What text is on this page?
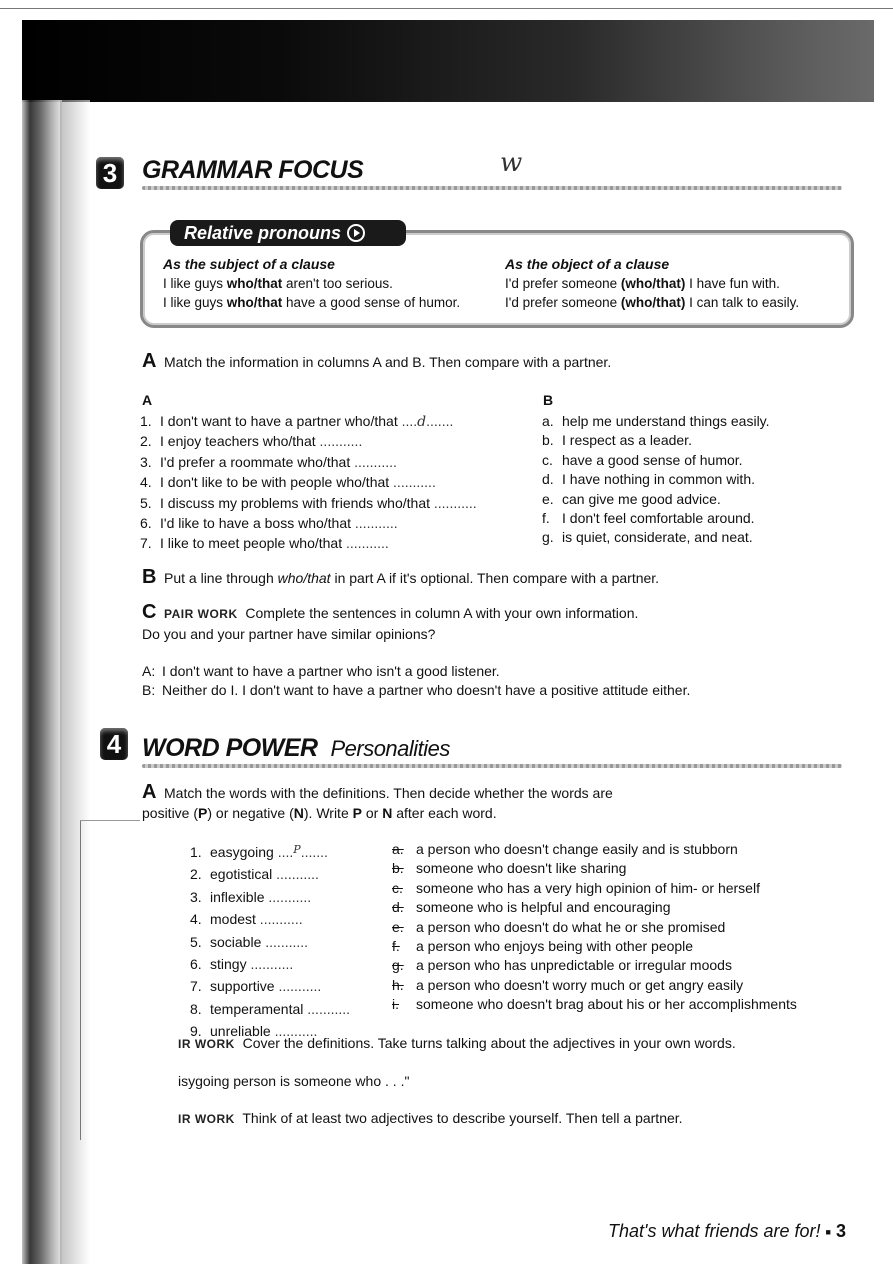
3 GRAMMAR FOCUS	w
Relative pronouns
As the subject of a clause
I like guys who/that aren't too serious.
I like guys who/that have a good sense of humor.
As the object of a clause
I'd prefer someone (who/that) I have fun with.
I'd prefer someone (who/that) I can talk to easily.
A Match the information in columns A and B. Then compare with a partner.
A	B
1. I don't want to have a partner who/that ....d.......
2. I enjoy teachers who/that ...........
3. I'd prefer a roommate who/that ...........
4. I don't like to be with people who/that ...........
5. I discuss my problems with friends who/that ...........
6. I'd like to have a boss who/that ...........
7. I like to meet people who/that ...........
a. help me understand things easily.
b. I respect as a leader.
c. have a good sense of humor.
d. I have nothing in common with.
e. can give me good advice.
f. I don't feel comfortable around.
g. is quiet, considerate, and neat.
B Put a line through who/that in part A if it's optional. Then compare with a partner.
CPAIR WORK Complete the sentences in column A with your own information.
Do you and your partner have similar opinions?
A: I don't want to have a partner who isn't a good listener.
B: Neither do I. I don't want to have a partner who doesn't have a positive attitude either.
4 WORD POWER Personalities
A Match the words with the definitions. Then decide whether the words are
positive (P) or negative (N). Write P or N after each word.
1. easygoing ....$^P$.......
2. egotistical ...........
3. inflexible ...........
4. modest ...........
5. sociable ...........
6. stingy ...........
7. supportive ...........
8. temperamental ...........
9. unreliable ...........
a. a person who doesn't change easily and is stubborn
b. someone who doesn't like sharing
c. someone who has a very high opinion of him- or herself
d. someone who is helpful and encouraging
e. a person who doesn't do what he or she promised
f. a person who enjoys being with other people
g. a person who has unpredictable or irregular moods
h. a person who doesn't worry much or get angry easily
i. someone who doesn't brag about his or her accomplishments
IR WORK Cover the definitions. Take turns talking about the adjectives in your own words.
isygoing person is someone who . . ."
IR WORK Think of at least two adjectives to describe yourself. Then tell a partner.
That's what friends are for! ■ 3
